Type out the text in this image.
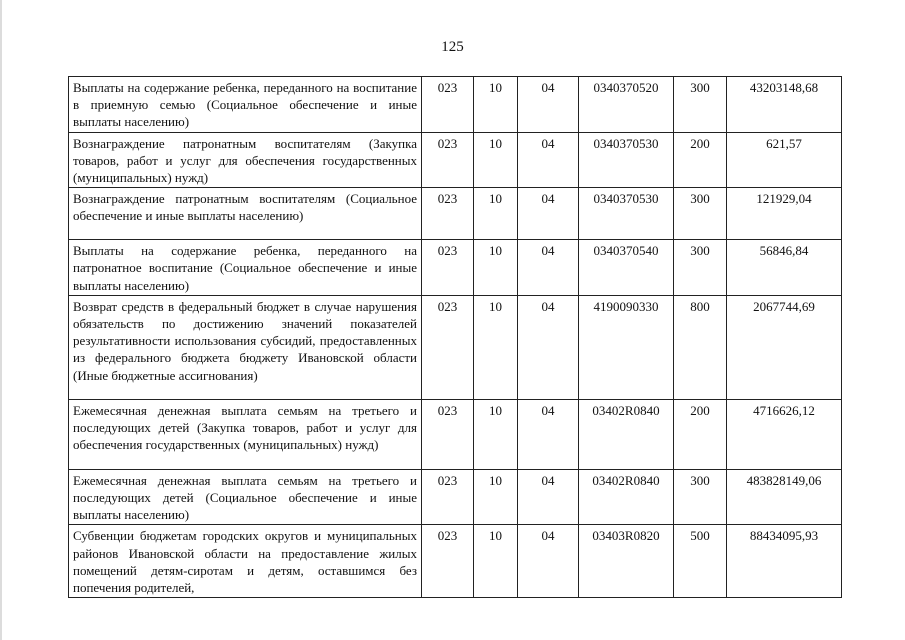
125
Выплаты на содержание ребенка, переданного на воспитание в приемную семью (Социальное обеспечение и иные выплаты населению)	023	10	04	0340370520	300	43203148,68
Вознаграждение патронатным воспитателям (Закупка товаров, работ и услуг для обеспечения государственных (муниципальных) нужд)	023	10	04	0340370530	200	621,57
Вознаграждение патронатным воспитателям (Социальное обеспечение и иные выплаты населению)	023	10	04	0340370530	300	121929,04
Выплаты на содержание ребенка, переданного на патронатное воспитание (Социальное обеспечение и иные выплаты населению)	023	10	04	0340370540	300	56846,84
Возврат средств в федеральный бюджет в случае нарушения обязательств по достижению значений показателей результативности использования субсидий, предоставленных из федерального бюджета бюджету Ивановской области (Иные бюджетные ассигнования)	023	10	04	4190090330	800	2067744,69
Ежемесячная денежная выплата семьям на третьего и последующих детей (Закупка товаров, работ и услуг для обеспечения государственных (муниципальных) нужд)	023	10	04	03402R0840	200	4716626,12
Ежемесячная денежная выплата семьям на третьего и последующих детей (Социальное обеспечение и иные выплаты населению)	023	10	04	03402R0840	300	483828149,06
Субвенции бюджетам городских округов и муниципальных районов Ивановской области на предоставление жилых помещений детям-сиротам и детям, оставшимся без попечения родителей,	023	10	04	03403R0820	500	88434095,93
